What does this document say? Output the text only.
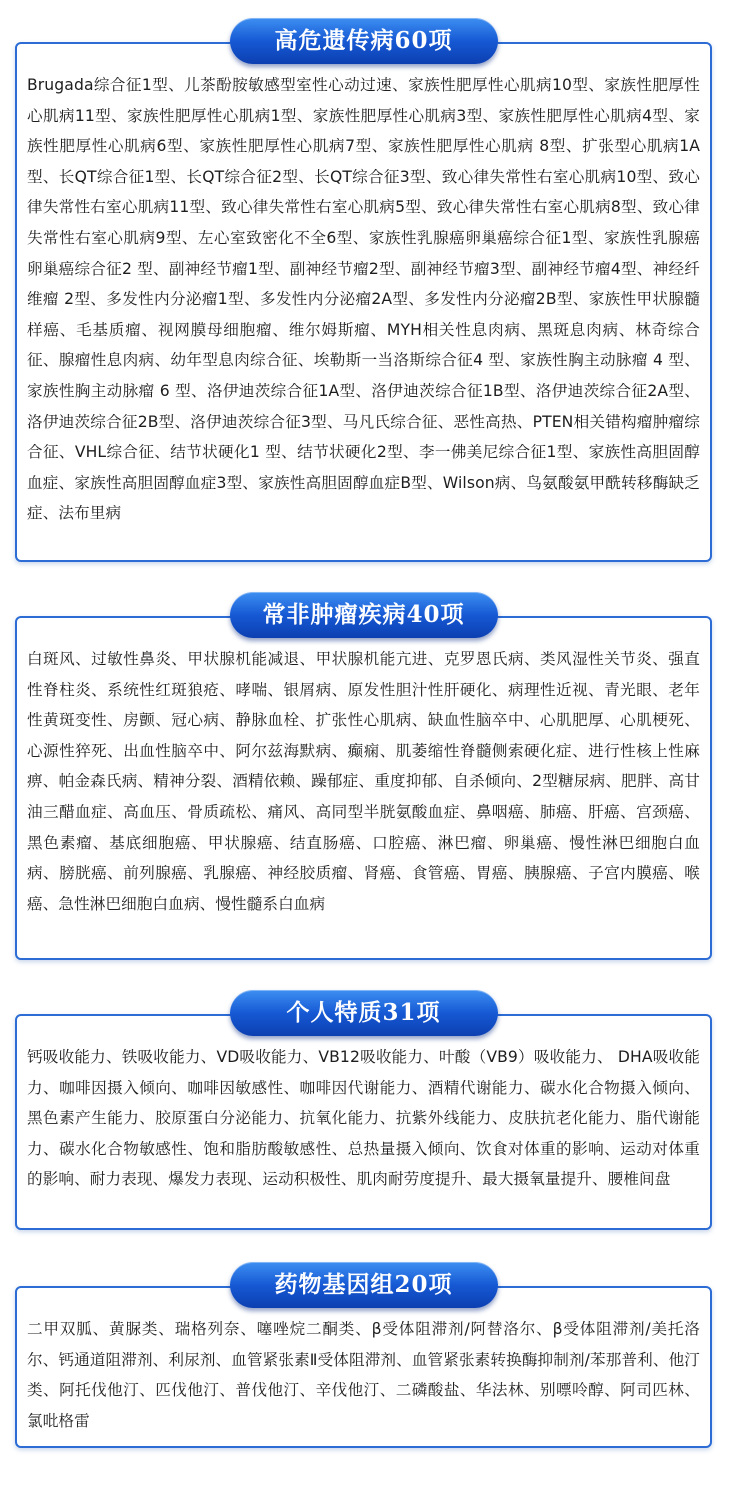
Brugada综合征1型、儿茶酚胺敏感型室性心动过速、家族性肥厚性心肌病10型、家族性肥厚性心肌病11型、家族性肥厚性心肌病1型、家族性肥厚性心肌病3型、家族性肥厚性心肌病4型、家族性肥厚性心肌病6型、家族性肥厚性心肌病7型、家族性肥厚性心肌病 8型、扩张型心肌病1A型、长QT综合征1型、长QT综合征2型、长QT综合征3型、致心律失常性右室心肌病10型、致心律失常性右室心肌病11型、致心律失常性右室心肌病5型、致心律失常性右室心肌病8型、致心律失常性右室心肌病9型、左心室致密化不全6型、家族性乳腺癌卵巢癌综合征1型、家族性乳腺癌卵巢癌综合征2 型、副神经节瘤1型、副神经节瘤2型、副神经节瘤3型、副神经节瘤4型、神经纤维瘤 2型、多发性内分泌瘤1型、多发性内分泌瘤2A型、多发性内分泌瘤2B型、家族性甲状腺髓样癌、毛基质瘤、视网膜母细胞瘤、维尔姆斯瘤、MYH相关性息肉病、黑斑息肉病、林奇综合征、腺瘤性息肉病、幼年型息肉综合征、埃勒斯一当洛斯综合征4 型、家族性胸主动脉瘤 4 型、家族性胸主动脉瘤 6 型、洛伊迪茨综合征1A型、洛伊迪茨综合征1B型、洛伊迪茨综合征2A型、洛伊迪茨综合征2B型、洛伊迪茨综合征3型、马凡氏综合征、恶性高热、PTEN相关错构瘤肿瘤综合征、VHL综合征、结节状硬化1 型、结节状硬化2型、李一佛美尼综合征1型、家族性高胆固醇血症、家族性高胆固醇血症3型、家族性高胆固醇血症B型、Wilson病、鸟氨酸氨甲酰转移酶缺乏症、法布里病
高危遗传病60项
白斑风、过敏性鼻炎、甲状腺机能减退、甲状腺机能亢进、克罗恩氏病、类风湿性关节炎、强直性脊柱炎、系统性红斑狼疮、哮喘、银屑病、原发性胆汁性肝硬化、病理性近视、青光眼、老年性黄斑变性、房颤、冠心病、静脉血栓、扩张性心肌病、缺血性脑卒中、心肌肥厚、心肌梗死、心源性猝死、出血性脑卒中、阿尔兹海默病、癫痫、肌萎缩性脊髓侧索硬化症、进行性核上性麻痹、帕金森氏病、精神分裂、酒精依赖、躁郁症、重度抑郁、自杀倾向、2型糖尿病、肥胖、高甘油三醋血症、高血压、骨质疏松、痛风、高同型半胱氨酸血症、鼻咽癌、肺癌、肝癌、宫颈癌、黑色素瘤、基底细胞癌、甲状腺癌、结直肠癌、口腔癌、淋巴瘤、卵巢癌、慢性淋巴细胞白血病、膀胱癌、前列腺癌、乳腺癌、神经胶质瘤、肾癌、食管癌、胃癌、胰腺癌、子宫内膜癌、喉癌、急性淋巴细胞白血病、慢性髓系白血病
常非肿瘤疾病40项
钙吸收能力、铁吸收能力、VD吸收能力、VB12吸收能力、叶酸（VB9）吸收能力、 DHA吸收能力、咖啡因摄入倾向、咖啡因敏感性、咖啡因代谢能力、酒精代谢能力、碳水化合物摄入倾向、黑色素产生能力、胶原蛋白分泌能力、抗氧化能力、抗紫外线能力、皮肤抗老化能力、脂代谢能力、碳水化合物敏感性、饱和脂肪酸敏感性、总热量摄入倾向、饮食对体重的影响、运动对体重的影响、耐力表现、爆发力表现、运动积极性、肌肉耐劳度提升、最大摄氧量提升、腰椎间盘
个人特质31项
二甲双胍、黄脲类、瑞格列奈、噻唑烷二酮类、β受体阻滞剂/阿替洛尔、β受体阻滞剂/美托洛尔、钙通道阻滞剂、利尿剂、血管紧张素Ⅱ受体阻滞剂、血管紧张素转换酶抑制剂/苯那普利、他汀类、阿托伐他汀、匹伐他汀、普伐他汀、辛伐他汀、二磷酸盐、华法林、别嘌呤醇、阿司匹林、氯吡格雷
药物基因组20项
